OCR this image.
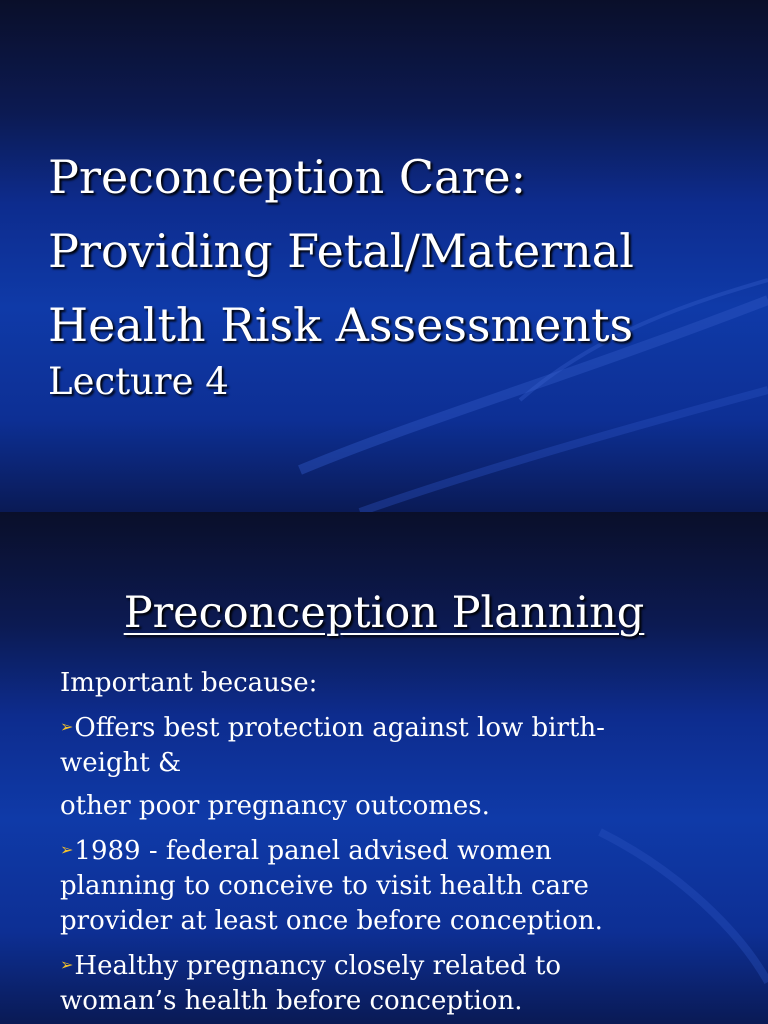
Preconception Care:
Providing Fetal/Maternal
Health Risk Assessments
Lecture 4
Preconception Planning
Important because:
➢Offers best protection against low birth-
weight &
other poor pregnancy outcomes.
➢1989 - federal panel advised women
planning to conceive to visit health care
provider at least once before conception.
➢Healthy pregnancy closely related to
woman’s health before conception.
